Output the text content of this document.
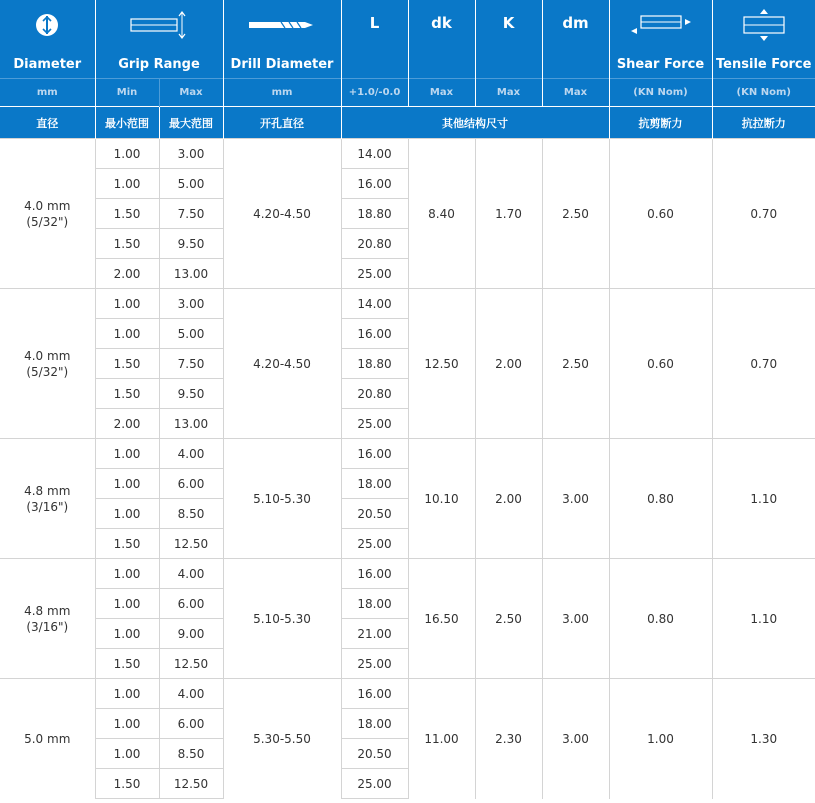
	L	dk	K	dm	

Diameter	Grip Range		Drill Diameter					Shear Force	Tensile Force
mm	Min	Max	mm	+1.0/-0.0	Max	Max	Max	(KN Nom)	(KN Nom)
直径	最小范围	最大范围	开孔直径	其他结构尺寸				抗剪断力	抗拉断力

4.0 mm
(5/32")	1.00	3.00	4.20-4.50	14.00	8.40	1.70	2.50	0.60	0.70
	1.00	5.00		16.00					
	1.50	7.50		18.80					
	1.50	9.50		20.80					
	2.00	13.00		25.00					

4.0 mm
(5/32")	1.00	3.00	4.20-4.50	14.00	12.50	2.00	2.50	0.60	0.70
	1.00	5.00		16.00					
	1.50	7.50		18.80					
	1.50	9.50		20.80					
	2.00	13.00		25.00					

4.8 mm
(3/16")	1.00	4.00	5.10-5.30	16.00	10.10	2.00	3.00	0.80	1.10
	1.00	6.00		18.00					
	1.00	8.50		20.50					
	1.50	12.50		25.00					

4.8 mm
(3/16")	1.00	4.00	5.10-5.30	16.00	16.50	2.50	3.00	0.80	1.10
	1.00	6.00		18.00					
	1.00	9.00		21.00					
	1.50	12.50		25.00					

5.0 mm	1.00	4.00	5.30-5.50	16.00	11.00	2.30	3.00	1.00	1.30
	1.00	6.00		18.00					
	1.00	8.50		20.50					
	1.50	12.50		25.00					
